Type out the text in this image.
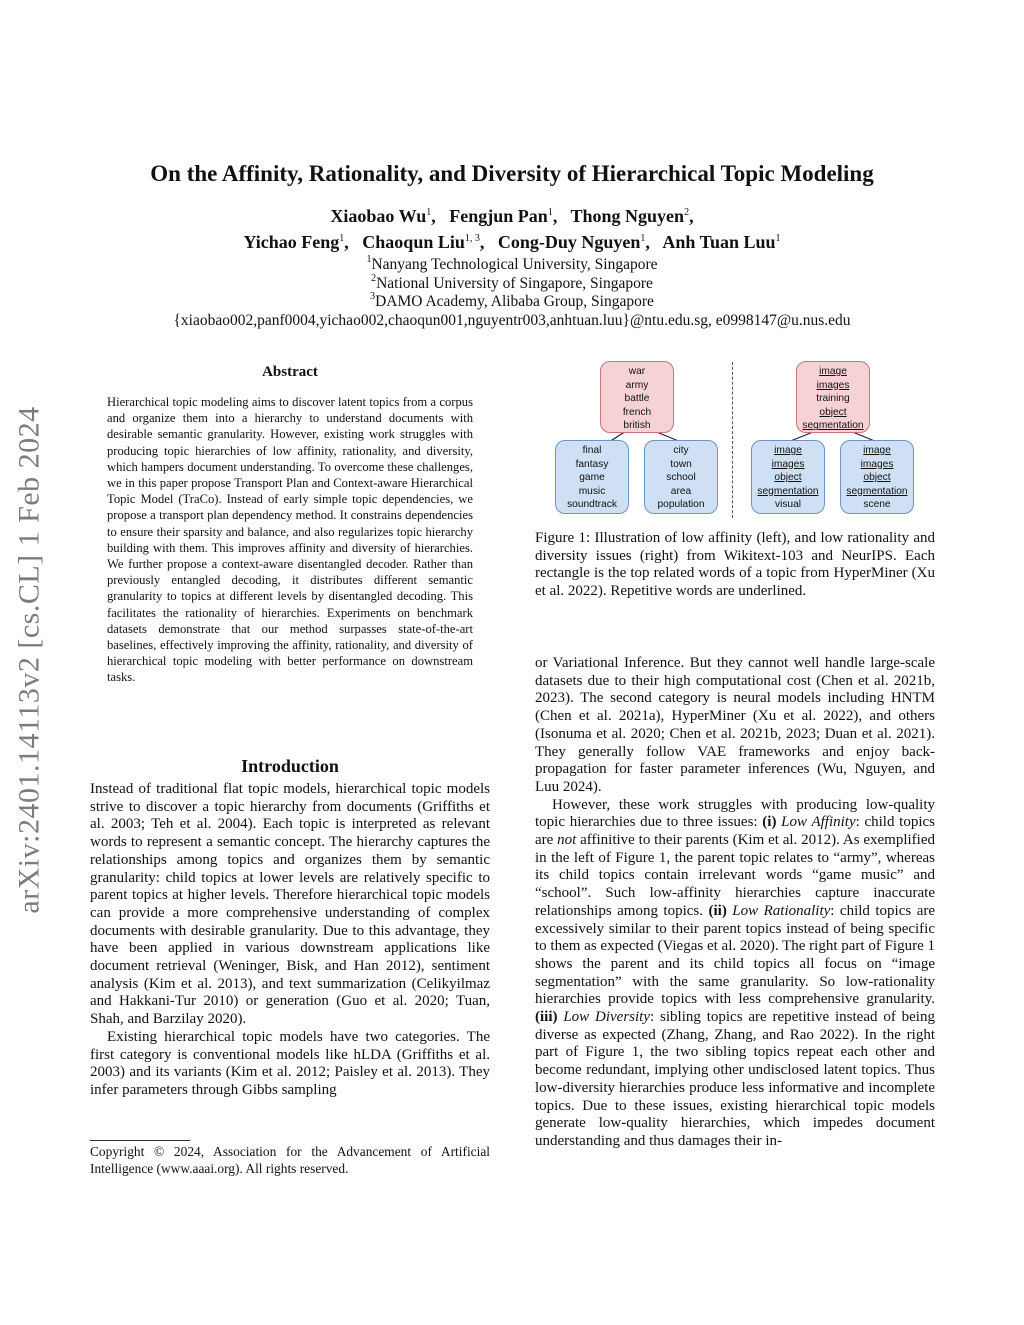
arXiv:2401.14113v2 [cs.CL] 1 Feb 2024
On the Affinity, Rationality, and Diversity of Hierarchical Topic Modeling
Xiaobao Wu$^1$,   Fengjun Pan$^1$,   Thong Nguyen$^2$,
Yichao Feng$^1$,   Chaoqun Liu$^{1, 3}$,   Cong-Duy Nguyen$^1$,   Anh Tuan Luu$^1$
$^1$Nanyang Technological University, Singapore
$^2$National University of Singapore, Singapore
$^3$DAMO Academy, Alibaba Group, Singapore
{xiaobao002,panf0004,yichao002,chaoqun001,nguyentr003,anhtuan.luu}@ntu.edu.sg, e0998147@u.nus.edu
Abstract
Hierarchical topic modeling aims to discover latent topics from a corpus and organize them into a hierarchy to understand documents with desirable semantic granularity. However, existing work struggles with producing topic hierarchies of low affinity, rationality, and diversity, which hampers document understanding. To overcome these challenges, we in this paper propose Transport Plan and Context-aware Hierarchical Topic Model (TraCo). Instead of early simple topic dependencies, we propose a transport plan dependency method. It constrains dependencies to ensure their sparsity and balance, and also regularizes topic hierarchy building with them. This improves affinity and diversity of hierarchies. We further propose a context-aware disentangled decoder. Rather than previously entangled decoding, it distributes different semantic granularity to topics at different levels by disentangled decoding. This facilitates the rationality of hierarchies. Experiments on benchmark datasets demonstrate that our method surpasses state-of-the-art baselines, effectively improving the affinity, rationality, and diversity of hierarchical topic modeling with better performance on downstream tasks.
Introduction

Instead of traditional flat topic models, hierarchical topic models strive to discover a topic hierarchy from documents (Griffiths et al. 2003; Teh et al. 2004). Each topic is interpreted as relevant words to represent a semantic concept. The hierarchy captures the relationships among topics and organizes them by semantic granularity: child topics at lower levels are relatively specific to parent topics at higher levels. Therefore hierarchical topic models can provide a more comprehensive understanding of complex documents with desirable granularity. Due to this advantage, they have been applied in various downstream applications like document retrieval (Weninger, Bisk, and Han 2012), sentiment analysis (Kim et al. 2013), and text summarization (Celikyilmaz and Hakkani-Tur 2010) or generation (Guo et al. 2020; Tuan, Shah, and Barzilay 2020).

Existing hierarchical topic models have two categories. The first category is conventional models like hLDA (Griffiths et al. 2003) and its variants (Kim et al. 2012; Paisley et al. 2013). They infer parameters through Gibbs sampling

Copyright © 2024, Association for the Advancement of Artificial Intelligence (www.aaai.org). All rights reserved.
war
army
battle
french
british
final
fantasy
game
music
soundtrack
city
town
school
area
population
image
images
training
object
segmentation
image
images
object
segmentation
visual
image
images
object
segmentation
scene
Figure 1: Illustration of low affinity (left), and low rationality and diversity issues (right) from Wikitext-103 and NeurIPS. Each rectangle is the top related words of a topic from HyperMiner (Xu et al. 2022). Repetitive words are underlined.

or Variational Inference. But they cannot well handle large-scale datasets due to their high computational cost (Chen et al. 2021b, 2023). The second category is neural models including HNTM (Chen et al. 2021a), HyperMiner (Xu et al. 2022), and others (Isonuma et al. 2020; Chen et al. 2021b, 2023; Duan et al. 2021). They generally follow VAE frameworks and enjoy back-propagation for faster parameter inferences (Wu, Nguyen, and Luu 2024).

However, these work struggles with producing low-quality topic hierarchies due to three issues: (i) Low Affinity: child topics are not affinitive to their parents (Kim et al. 2012). As exemplified in the left of Figure 1, the parent topic relates to “army”, whereas its child topics contain irrelevant words “game music” and “school”. Such low-affinity hierarchies capture inaccurate relationships among topics. (ii) Low Rationality: child topics are excessively similar to their parent topics instead of being specific to them as expected (Viegas et al. 2020). The right part of Figure 1 shows the parent and its child topics all focus on “image segmentation” with the same granularity. So low-rationality hierarchies provide topics with less comprehensive granularity. (iii) Low Diversity: sibling topics are repetitive instead of being diverse as expected (Zhang, Zhang, and Rao 2022). In the right part of Figure 1, the two sibling topics repeat each other and become redundant, implying other undisclosed latent topics. Thus low-diversity hierarchies produce less informative and incomplete topics. Due to these issues, existing hierarchical topic models generate low-quality hierarchies, which impedes document understanding and thus damages their in-
